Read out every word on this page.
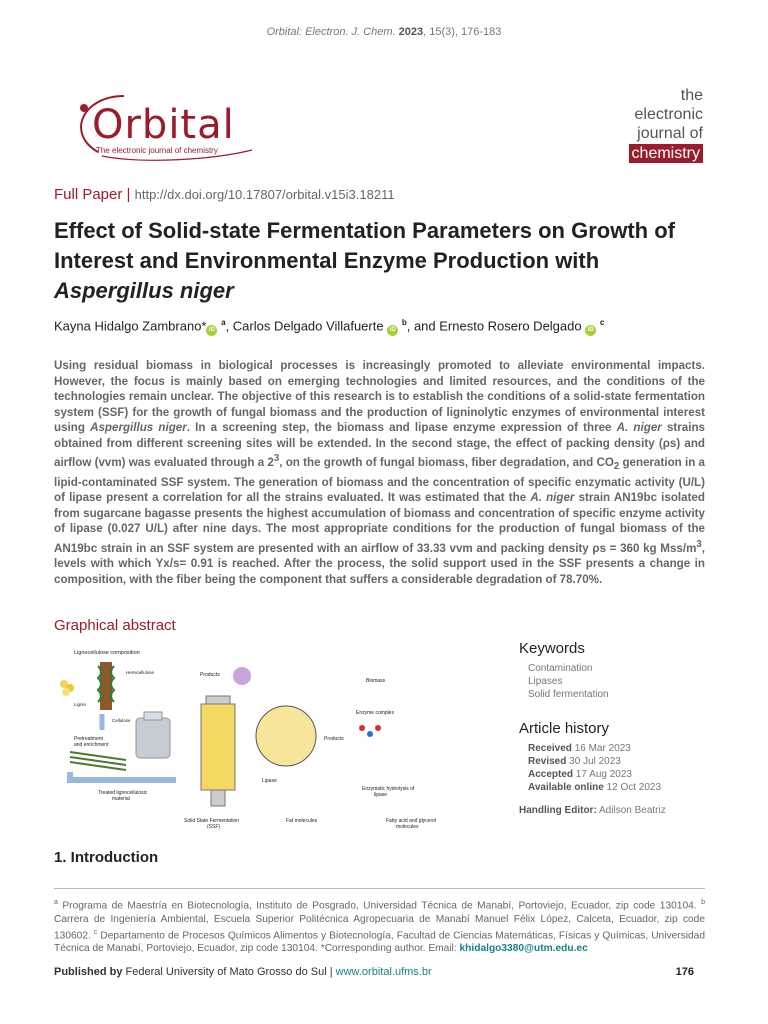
Orbital: Electron. J. Chem. 2023, 15(3), 176-183
Orbital
The electronic journal of chemistry
the
electronic
journal of
chemistry
Full Paper | http://dx.doi.org/10.17807/orbital.v15i3.18211
Effect of Solid-state Fermentation Parameters on Growth of Interest and Environmental Enzyme Production with Aspergillus niger
Kayna Hidalgo Zambrano* iD $^a$, Carlos Delgado Villafuerte iD $^b$, and Ernesto Rosero Delgado iD $^c$

Using residual biomass in biological processes is increasingly promoted to alleviate environmental impacts. However, the focus is mainly based on emerging technologies and limited resources, and the conditions of the technologies remain unclear. The objective of this research is to establish the conditions of a solid-state fermentation system (SSF) for the growth of fungal biomass and the production of ligninolytic enzymes of environmental interest using Aspergillus niger. In a screening step, the biomass and lipase enzyme expression of three A. niger strains obtained from different screening sites will be extended. In the second stage, the effect of packing density (ρs) and airflow (vvm) was evaluated through a $2^3$, on the growth of fungal biomass, fiber degradation, and $CO_2$ generation in a lipid-contaminated SSF system. The generation of biomass and the concentration of specific enzymatic activity (U/L) of lipase present a correlation for all the strains evaluated. It was estimated that the A. niger strain AN19bc isolated from sugarcane bagasse presents the highest accumulation of biomass and concentration of specific enzyme activity of lipase (0.027 U/L) after nine days. The most appropriate conditions for the production of fungal biomass of the AN19bc strain in an SSF system are presented with an airflow of 33.33 vvm and packing density ρs = 360 kg Mss/$m^3$, levels with which Yx/s= 0.91 is reached. After the process, the solid support used in the SSF presents a change in composition, with the fiber being the component that suffers a considerable degradation of 78.70%.

Graphical abstract
Lignocellulose composition
Hemicellulose
Lignin
Cellulose
Pretreatment
and enrichment
Treated lignocellulosic
material
Products
Solid State Fermentation
(SSF)
Biomass
Enzyme complex
Products
Lipase
Fat molecules
Enzymatic hydrolysis of
lipase
Fatty acid and glycerol
molecules
Keywords
Contamination
Lipases
Solid fermentation
Article history
Received 16 Mar 2023
Revised 30 Jul 2023
Accepted 17 Aug 2023
Available online 12 Oct 2023
Handling Editor: Adilson Beatriz
1. Introduction

$^a$ Programa de Maestría en Biotecnología, Instituto de Posgrado, Universidad Técnica de Manabí, Portoviejo, Ecuador, zip code 130104. $^b$ Carrera de Ingeniería Ambiental, Escuela Superior Politécnica Agropecuaria de Manabí Manuel Félix López, Calceta, Ecuador, zip code 130602. $^c$ Departamento de Procesos Químicos Alimentos y Biotecnología, Facultad de Ciencias Matemáticas, Físicas y Químicas, Universidad Técnica de Manabí, Portoviejo, Ecuador, zip code 130104. *Corresponding author. Email: khidalgo3380@utm.edu.ec

Published by Federal University of Mato Grosso do Sul | www.orbital.ufms.br	176
